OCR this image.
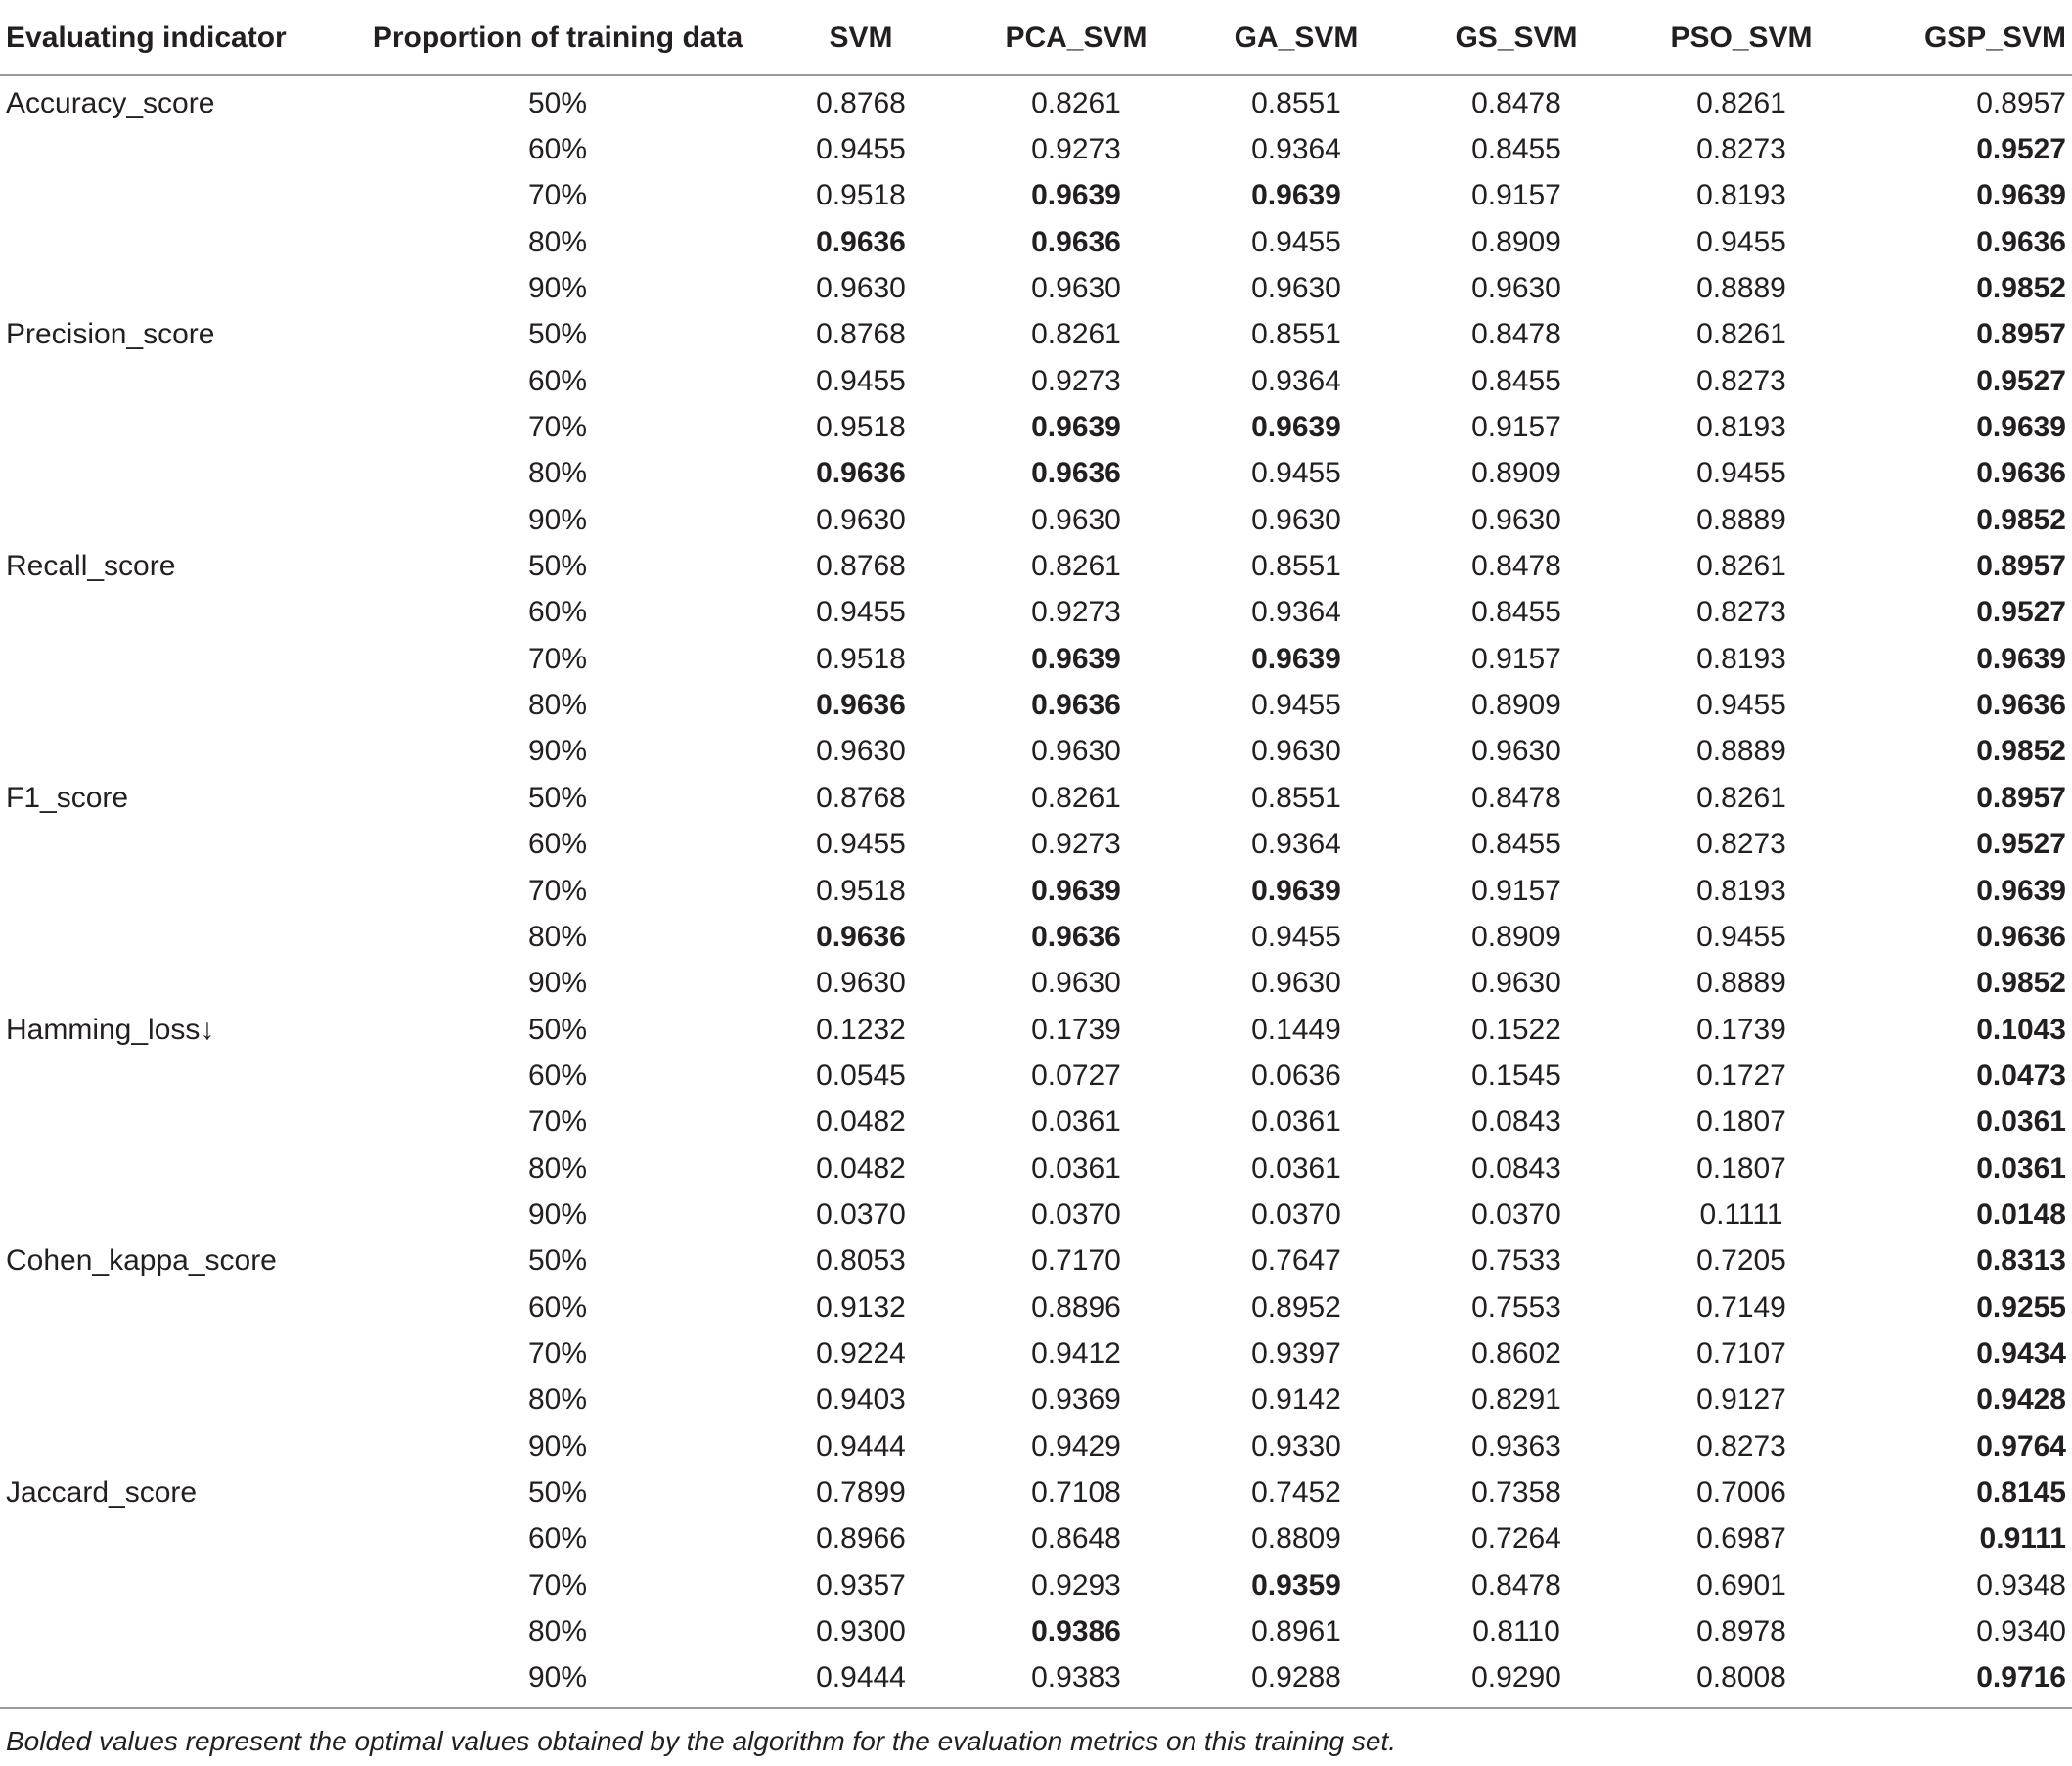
Evaluating indicator	Proportion of training data	SVM	PCA_SVM	GA_SVM	GS_SVM	PSO_SVM	GSP_SVM
Accuracy_score	50%	0.8768	0.8261	0.8551	0.8478	0.8261	0.8957
	60%	0.9455	0.9273	0.9364	0.8455	0.8273	0.9527
	70%	0.9518	0.9639	0.9639	0.9157	0.8193	0.9639
	80%	0.9636	0.9636	0.9455	0.8909	0.9455	0.9636
	90%	0.9630	0.9630	0.9630	0.9630	0.8889	0.9852
Precision_score	50%	0.8768	0.8261	0.8551	0.8478	0.8261	0.8957
	60%	0.9455	0.9273	0.9364	0.8455	0.8273	0.9527
	70%	0.9518	0.9639	0.9639	0.9157	0.8193	0.9639
	80%	0.9636	0.9636	0.9455	0.8909	0.9455	0.9636
	90%	0.9630	0.9630	0.9630	0.9630	0.8889	0.9852
Recall_score	50%	0.8768	0.8261	0.8551	0.8478	0.8261	0.8957
	60%	0.9455	0.9273	0.9364	0.8455	0.8273	0.9527
	70%	0.9518	0.9639	0.9639	0.9157	0.8193	0.9639
	80%	0.9636	0.9636	0.9455	0.8909	0.9455	0.9636
	90%	0.9630	0.9630	0.9630	0.9630	0.8889	0.9852
F1_score	50%	0.8768	0.8261	0.8551	0.8478	0.8261	0.8957
	60%	0.9455	0.9273	0.9364	0.8455	0.8273	0.9527
	70%	0.9518	0.9639	0.9639	0.9157	0.8193	0.9639
	80%	0.9636	0.9636	0.9455	0.8909	0.9455	0.9636
	90%	0.9630	0.9630	0.9630	0.9630	0.8889	0.9852
Hamming_loss↓	50%	0.1232	0.1739	0.1449	0.1522	0.1739	0.1043
	60%	0.0545	0.0727	0.0636	0.1545	0.1727	0.0473
	70%	0.0482	0.0361	0.0361	0.0843	0.1807	0.0361
	80%	0.0482	0.0361	0.0361	0.0843	0.1807	0.0361
	90%	0.0370	0.0370	0.0370	0.0370	0.1111	0.0148
Cohen_kappa_score	50%	0.8053	0.7170	0.7647	0.7533	0.7205	0.8313
	60%	0.9132	0.8896	0.8952	0.7553	0.7149	0.9255
	70%	0.9224	0.9412	0.9397	0.8602	0.7107	0.9434
	80%	0.9403	0.9369	0.9142	0.8291	0.9127	0.9428
	90%	0.9444	0.9429	0.9330	0.9363	0.8273	0.9764
Jaccard_score	50%	0.7899	0.7108	0.7452	0.7358	0.7006	0.8145
	60%	0.8966	0.8648	0.8809	0.7264	0.6987	0.9111
	70%	0.9357	0.9293	0.9359	0.8478	0.6901	0.9348
	80%	0.9300	0.9386	0.8961	0.8110	0.8978	0.9340
	90%	0.9444	0.9383	0.9288	0.9290	0.8008	0.9716
Bolded values represent the optimal values obtained by the algorithm for the evaluation metrics on this training set.
